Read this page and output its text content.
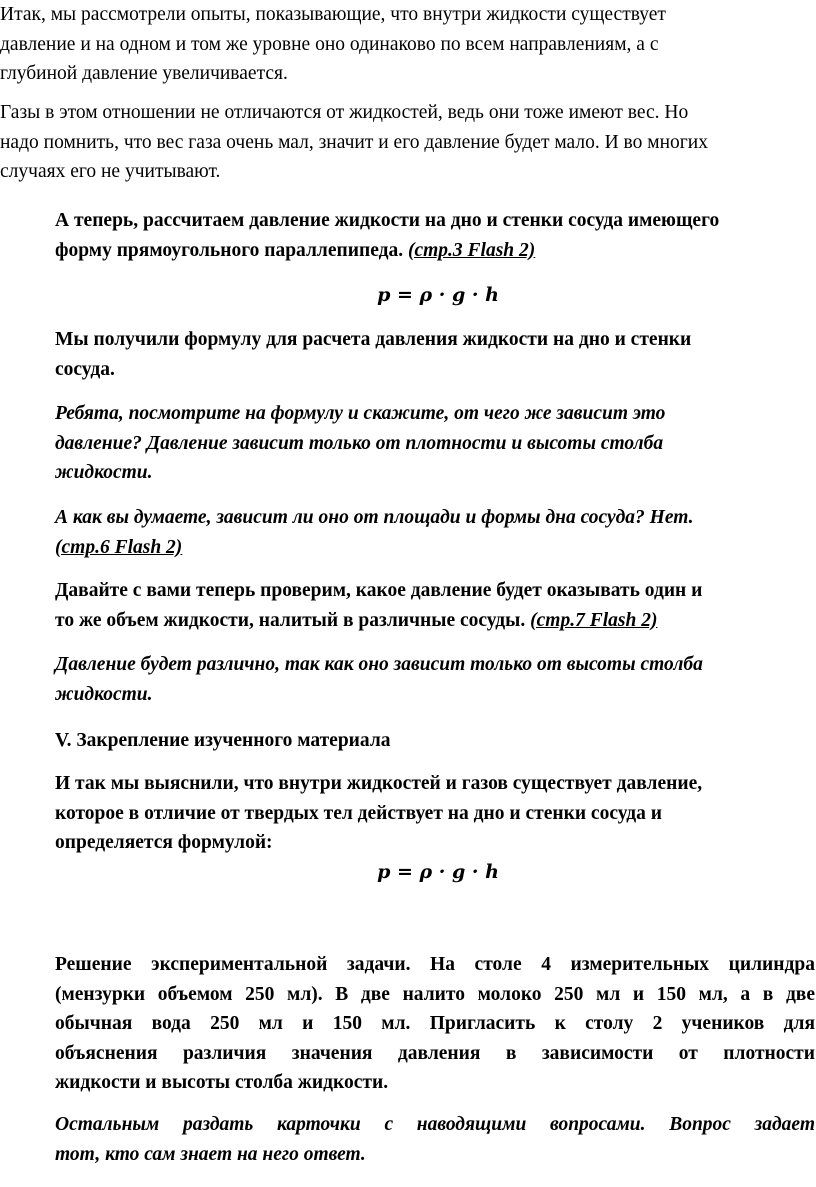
Итак, мы рассмотрели опыты, показывающие, что внутри жидкости существует
давление и на одном и том же уровне оно одинаково по всем направлениям, а с
глубиной давление увеличивается.
Газы в этом отношении не отличаются от жидкостей, ведь они тоже имеют вес. Но
надо помнить, что вес газа очень мал, значит и его давление будет мало. И во многих
случаях его не учитывают.
А теперь, рассчитаем давление жидкости на дно и стенки сосуда имеющего
форму прямоугольного параллепипеда. (стр.3 Flash 2)
Мы получили формулу для расчета давления жидкости на дно и стенки
сосуда.
Ребята, посмотрите на формулу и скажите, от чего же зависит это
давление? Давление зависит только от плотности и высоты столба
жидкости.
А как вы думаете, зависит ли оно от площади и формы дна сосуда? Нет.
(стр.6 Flash 2)
Давайте с вами теперь проверим, какое давление будет оказывать один и
то же объем жидкости, налитый в различные сосуды. (стр.7 Flash 2)
Давление будет различно, так как оно зависит только от высоты столба
жидкости.
V. Закрепление изученного материала
И так мы выяснили, что внутри жидкостей и газов существует давление,
которое в отличие от твердых тел действует на дно и стенки сосуда и
определяется формулой:
Решение экспериментальной задачи. На столе 4 измерительных цилиндра
(мензурки объемом 250 мл). В две налито молоко 250 мл и 150 мл, а в две
обычная вода 250 мл и 150 мл. Пригласить к столу 2 учеников для
объяснения различия значения давления в зависимости от плотности
жидкости и высоты столба жидкости.
Остальным раздать карточки с наводящими вопросами. Вопрос задает
тот, кто сам знает на него ответ.
p = ρ · g · h
p = ρ · g · h
